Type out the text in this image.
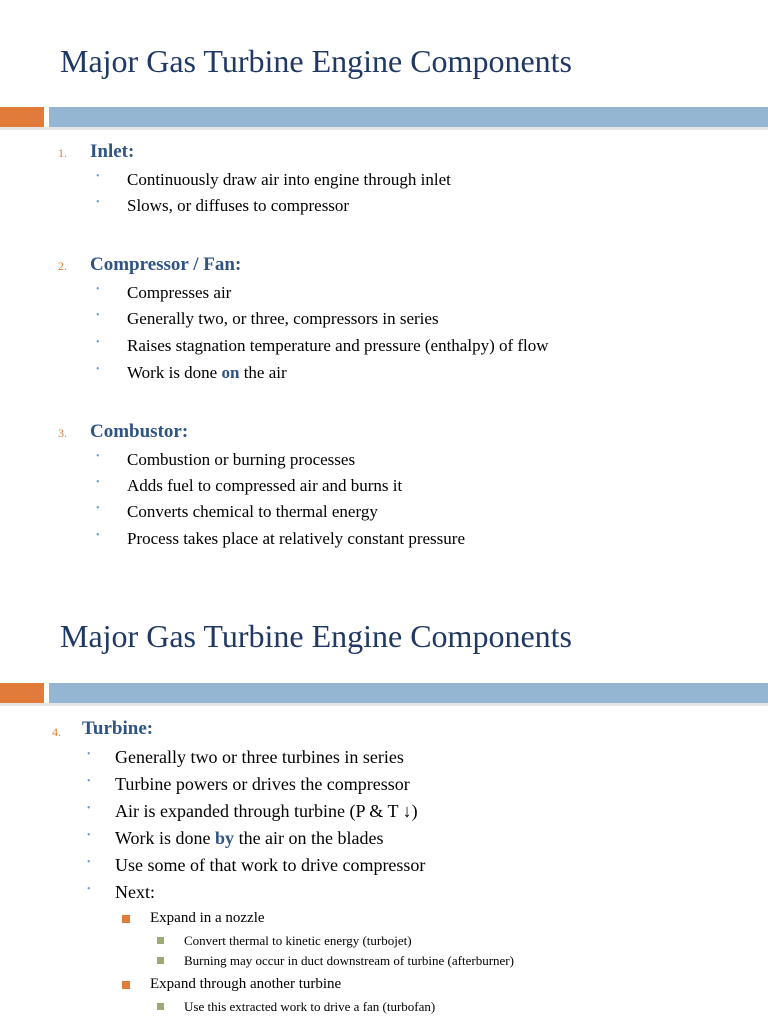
Major Gas Turbine Engine Components
1. Inlet:
• Continuously draw air into engine through inlet
• Slows, or diffuses to compressor
2. Compressor / Fan:
• Compresses air
• Generally two, or three, compressors in series
• Raises stagnation temperature and pressure (enthalpy) of flow
• Work is done on the air
3. Combustor:
• Combustion or burning processes
• Adds fuel to compressed air and burns it
• Converts chemical to thermal energy
• Process takes place at relatively constant pressure
Major Gas Turbine Engine Components
4. Turbine:
• Generally two or three turbines in series
• Turbine powers or drives the compressor
• Air is expanded through turbine (P & T ↓)
• Work is done by the air on the blades
• Use some of that work to drive compressor
• Next:
Expand in a nozzle
Convert thermal to kinetic energy (turbojet)
Burning may occur in duct downstream of turbine (afterburner)
Expand through another turbine
Use this extracted work to drive a fan (turbofan)
